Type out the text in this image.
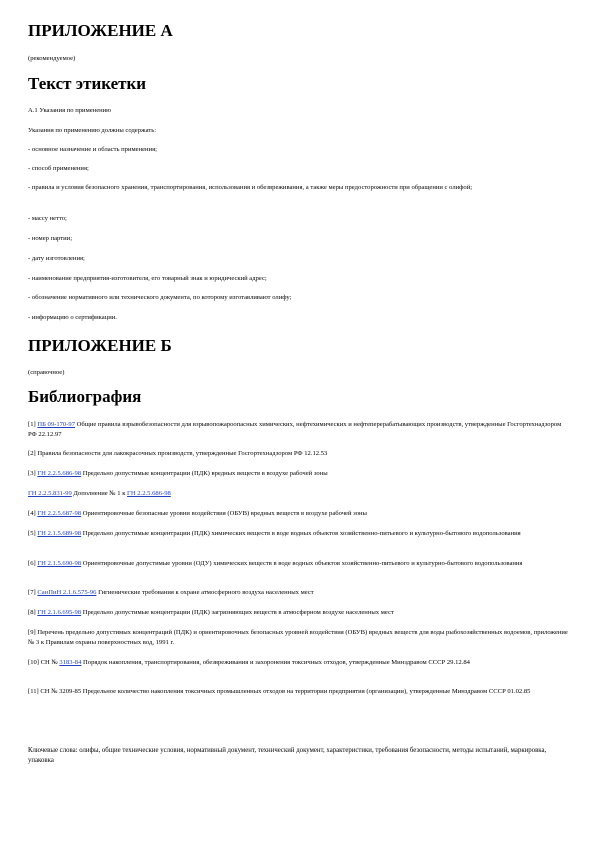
ПРИЛОЖЕНИЕ А
(рекомендуемое)
Текст этикетки
А.1 Указания по применению
Указания по применению должны содержать:
- основное назначение и область применения;
- способ применения;
- правила и условия безопасного хранения, транспортирования, использования и обезвреживания, а также меры предосторожности при обращении с олифой;
- массу нетто;
- номер партии;
- дату изготовления;
- наименование предприятия-изготовителя, его товарный знак и юридический адрес;
- обозначение нормативного или технического документа, по которому изготавливают олифу;
- информацию о сертификации.
ПРИЛОЖЕНИЕ Б
(справочное)
Библиография
[1] ПБ 09-170-97 Общие правила взрывобезопасности для взрывопожароопасных химических, нефтехимических и нефтеперерабатывающих производств, утвержденные Госгортехнадзором РФ 22.12.97
[2] Правила безопасности для лакокрасочных производств, утвержденные Госгортехнадзором РФ 12.12.53
[3] ГН 2.2.5.686-98 Предельно допустимые концентрации (ПДК) вредных веществ в воздухе рабочей зоны
ГН 2.2.5.831-99 Дополнение № 1 к ГН 2.2.5.686-98
[4] ГН 2.2.5.687-98 Ориентировочные безопасные уровни воздействия (ОБУВ) вредных веществ в воздухе рабочей зоны
[5] ГН 2.1.5.689-98 Предельно допустимые концентрации (ПДК) химических веществ в воде водных объектов хозяйственно-питьевого и культурно-бытового водопользования
[6] ГН 2.1.5.690-98 Ориентировочные допустимые уровни (ОДУ) химических веществ в воде водных объектов хозяйственно-питьевого и культурно-бытового водопользования
[7] СанПиН 2.1.6.575-96 Гигиенические требования к охране атмосферного воздуха населенных мест
[8] ГН 2.1.6.695-98 Предельно допустимые концентрации (ПДК) загрязняющих веществ в атмосферном воздухе населенных мест
[9] Перечень предельно допустимых концентраций (ПДК) и ориентировочных безопасных уровней воздействия (ОБУВ) вредных веществ для воды рыбохозяйственных водоемов, приложение № 3 к Правилам охраны поверхностных вод, 1991 г.
[10] СН № 3183-84 Порядок накопления, транспортирования, обезвреживания и захоронения токсичных отходов, утвержденные Минздравом СССР 29.12.84
[11] СН № 3209-85 Предельное количество накопления токсичных промышленных отходов на территории предприятия (организации), утвержденные Минздравом СССР 01.02.85
Ключевые слова: олифы, общие технические условия, нормативный документ, технический документ, характеристики, требования безопасности, методы испытаний, маркировка, упаковка
